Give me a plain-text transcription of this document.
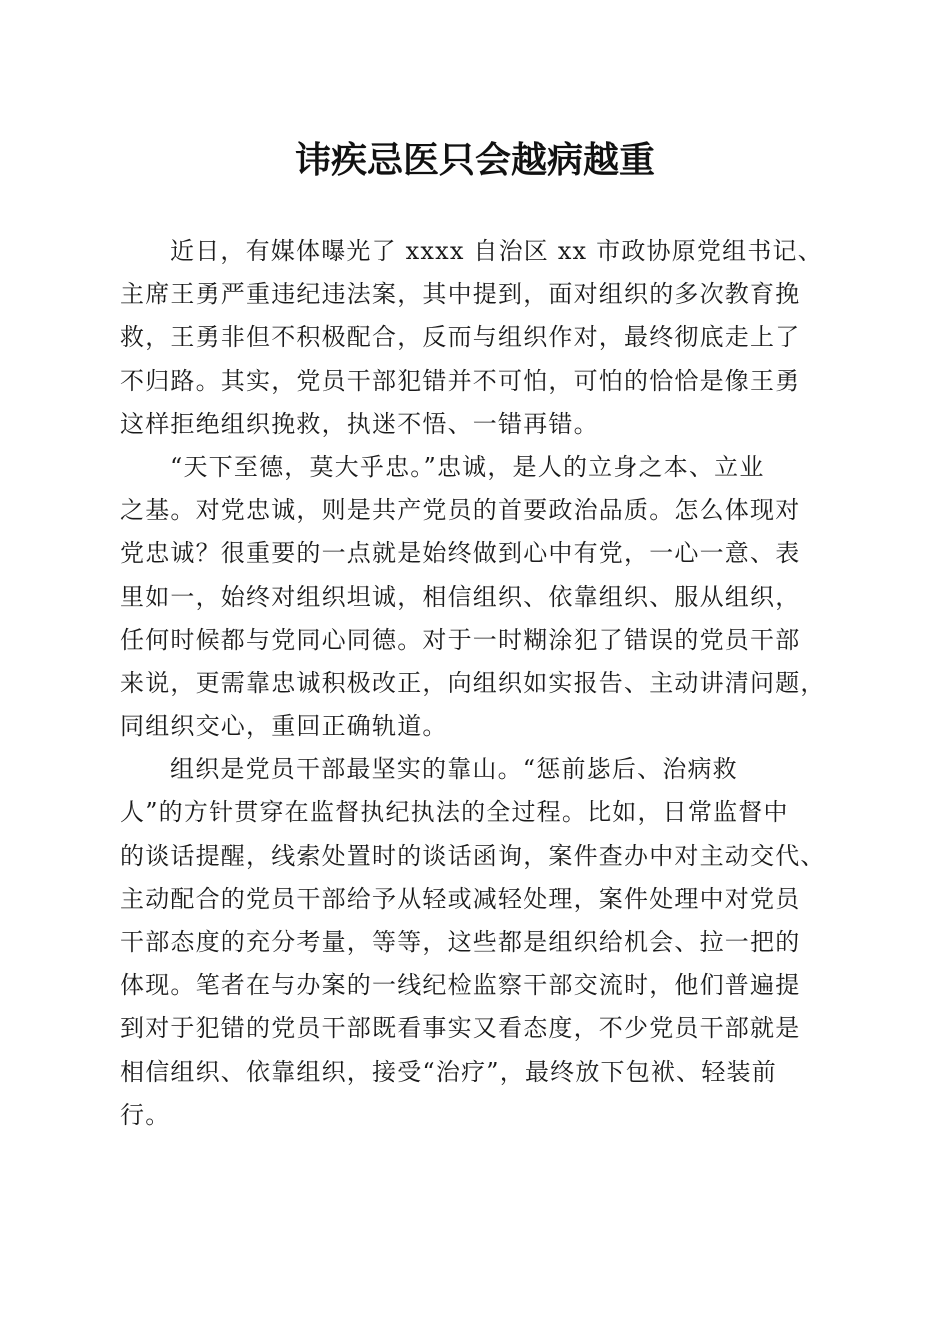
讳疾忌医只会越病越重
近日，有媒体曝光了 xxxx 自治区 xx 市政协原党组书记、
主席王勇严重违纪违法案，其中提到，面对组织的多次教育挽
救，王勇非但不积极配合，反而与组织作对，最终彻底走上了
不归路。其实，党员干部犯错并不可怕，可怕的恰恰是像王勇
这样拒绝组织挽救，执迷不悟、一错再错。
“天下至德，莫大乎忠。”忠诚，是人的立身之本、立业
之基。对党忠诚，则是共产党员的首要政治品质。怎么体现对
党忠诚？很重要的一点就是始终做到心中有党，一心一意、表
里如一，始终对组织坦诚，相信组织、依靠组织、服从组织，
任何时候都与党同心同德。对于一时糊涂犯了错误的党员干部
来说，更需靠忠诚积极改正，向组织如实报告、主动讲清问题，
同组织交心，重回正确轨道。
组织是党员干部最坚实的靠山。“惩前毖后、治病救
人”的方针贯穿在监督执纪执法的全过程。比如，日常监督中
的谈话提醒，线索处置时的谈话函询，案件查办中对主动交代、
主动配合的党员干部给予从轻或减轻处理，案件处理中对党员
干部态度的充分考量，等等，这些都是组织给机会、拉一把的
体现。笔者在与办案的一线纪检监察干部交流时，他们普遍提
到对于犯错的党员干部既看事实又看态度，不少党员干部就是
相信组织、依靠组织，接受“治疗”，最终放下包袱、轻装前
行。
